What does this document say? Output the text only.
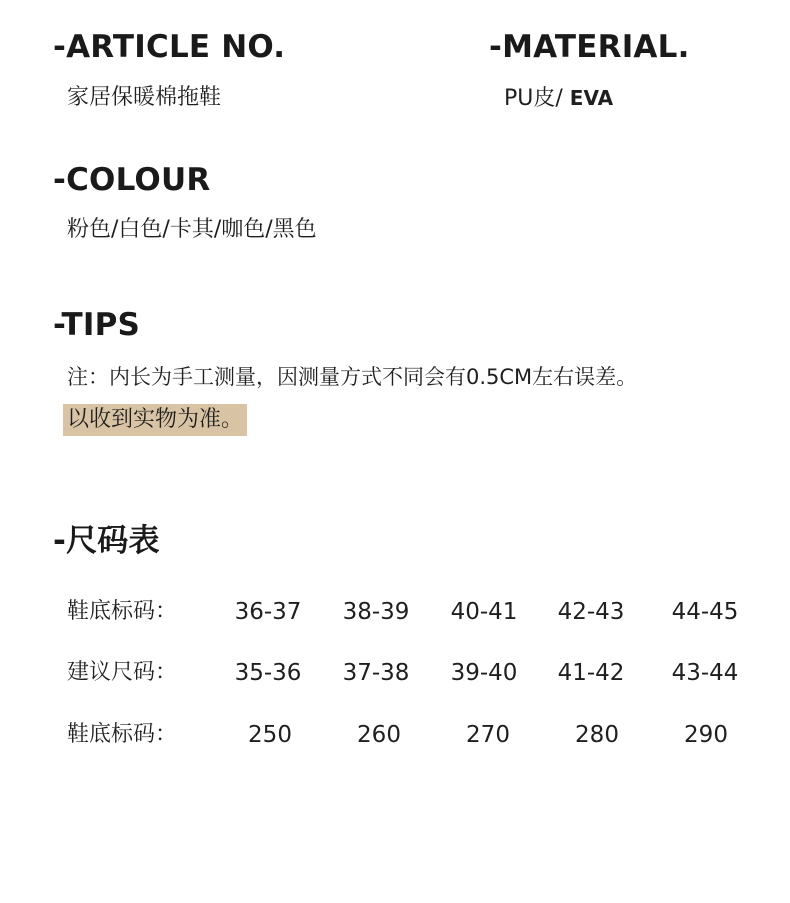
-ARTICLE NO.
家居保暖棉拖鞋
-MATERIAL.
PU皮/ EVA
-COLOUR
粉色/白色/卡其/咖色/黑色
-TIPS
注：内长为手工测量，因测量方式不同会有0.5CM左右误差。
以收到实物为准。
-尺码表
鞋底标码：	36-37	38-39	40-41	42-43	44-45
建议尺码：	35-36	37-38	39-40	41-42	43-44
鞋底标码：	250	260	270	280	290
